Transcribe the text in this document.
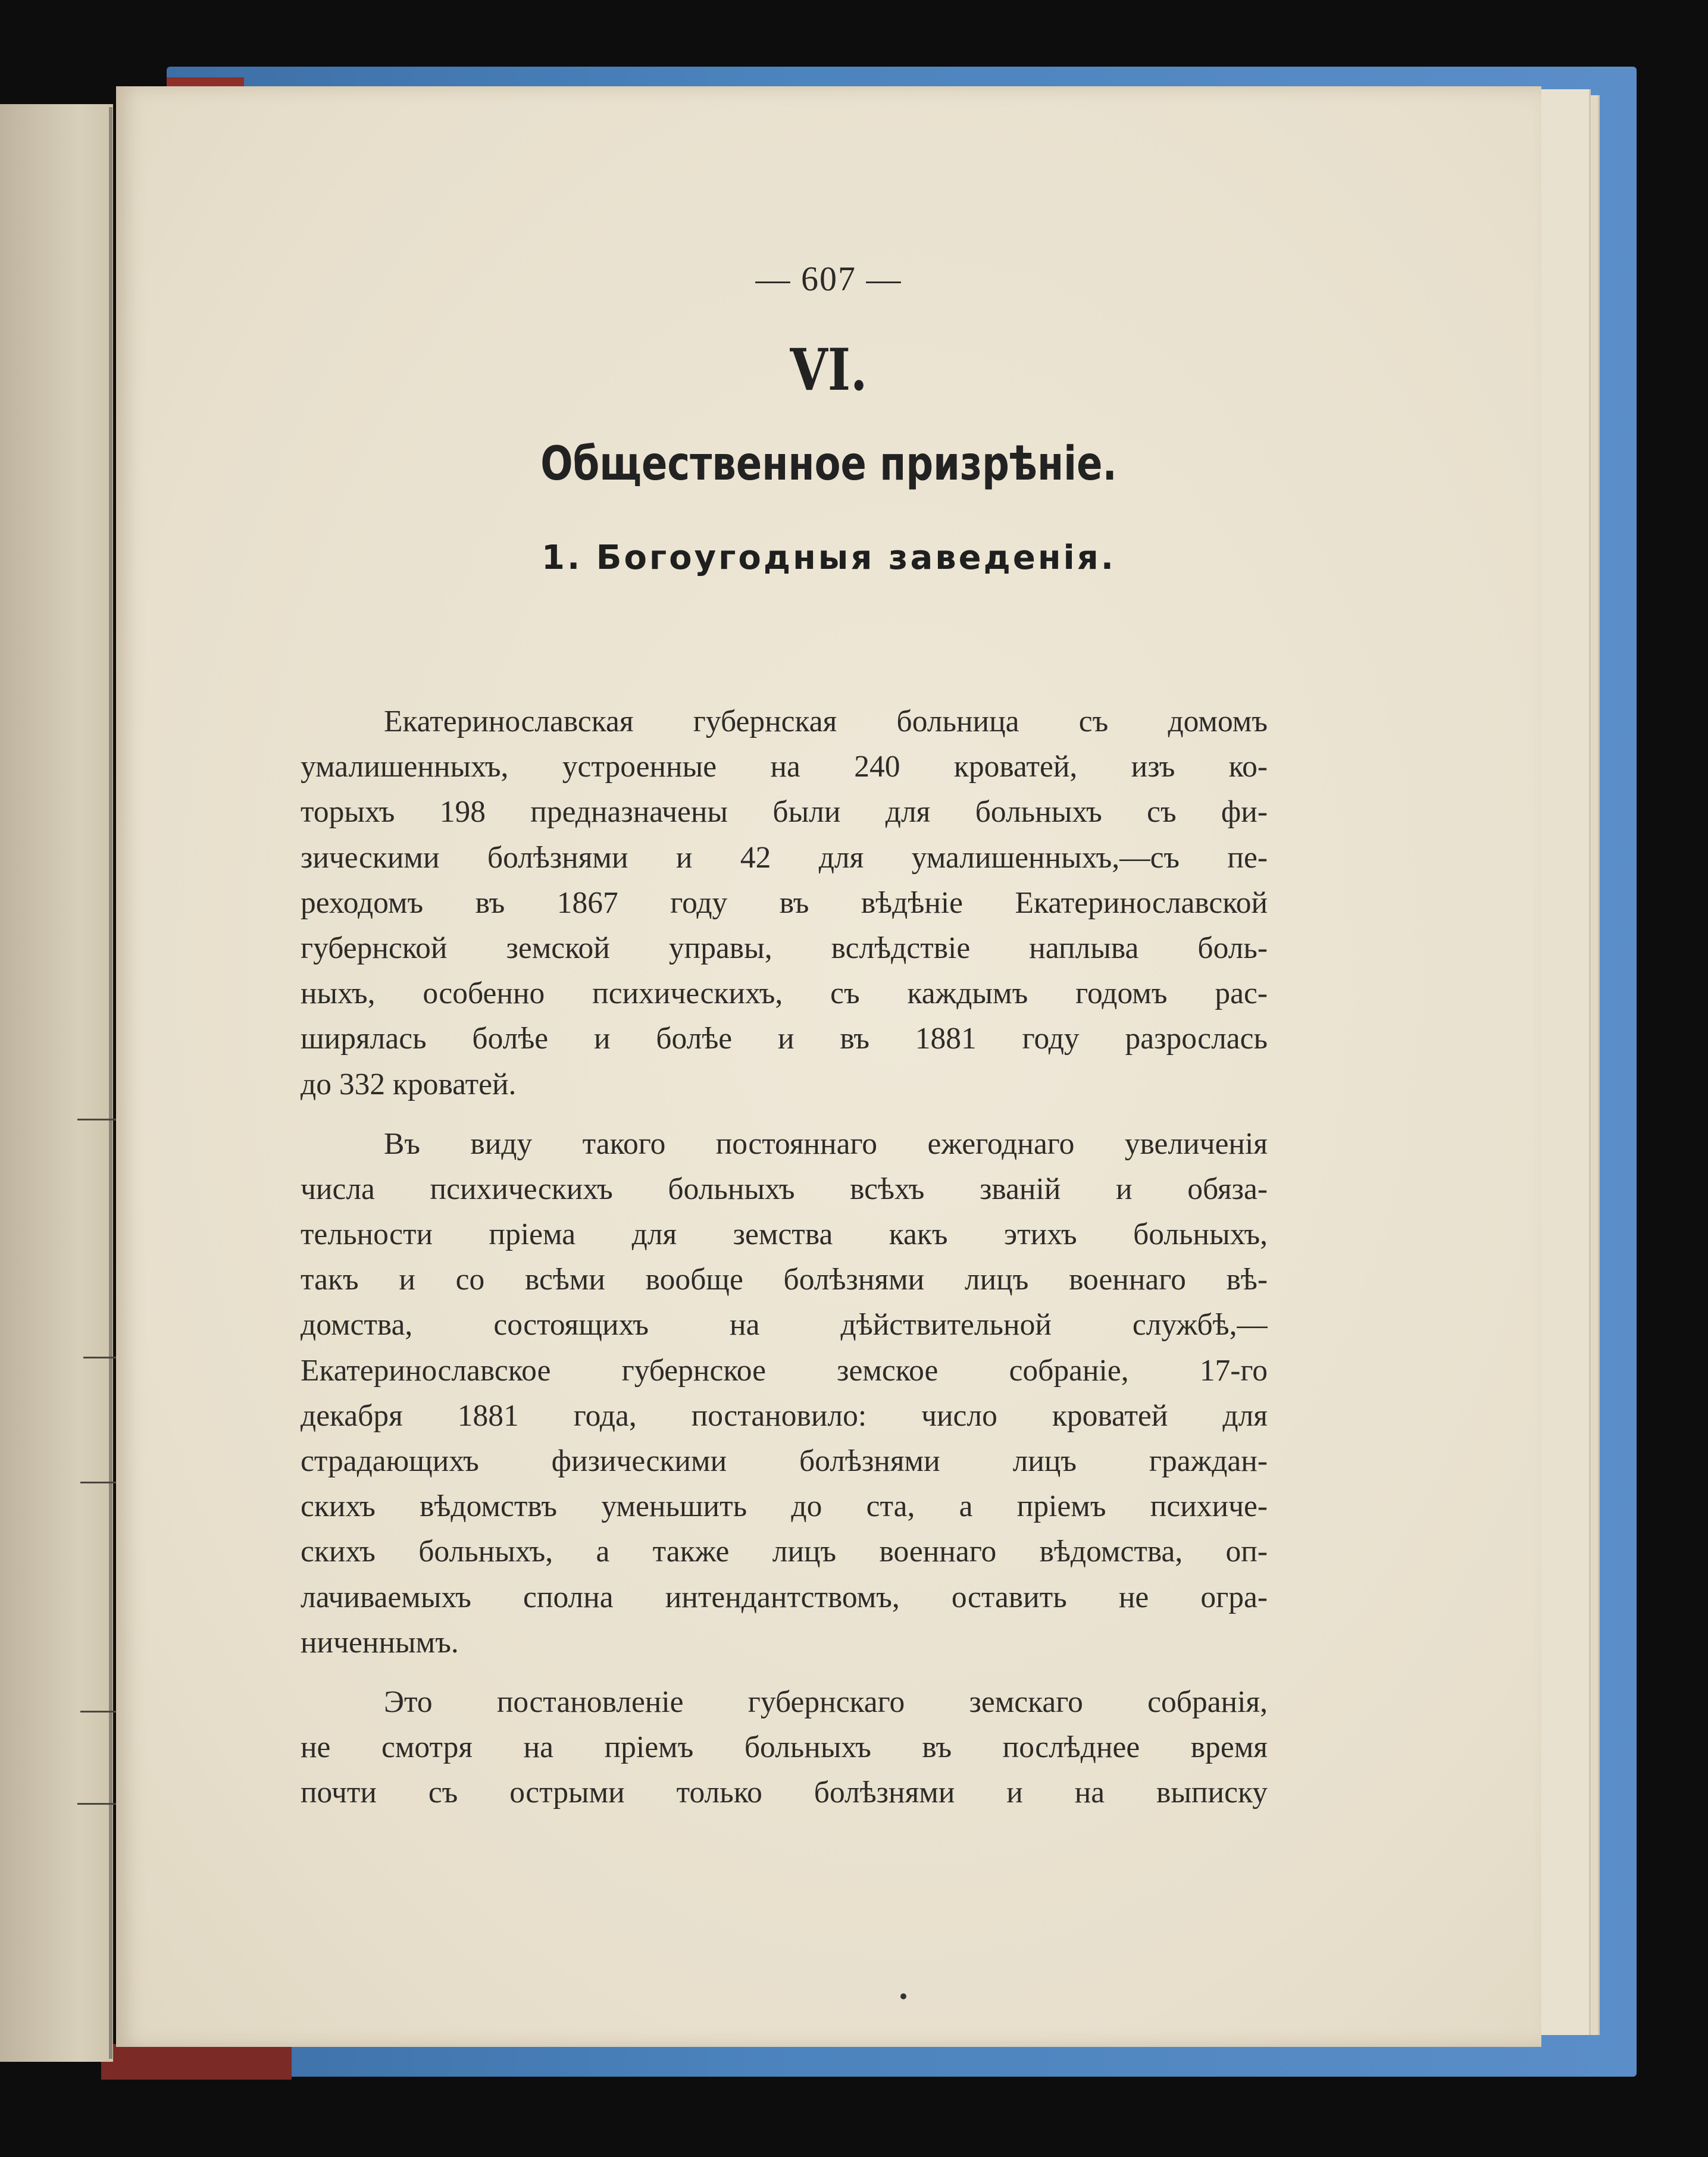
— 607 —
VI.
Общественное призрѣніе.
1. Богоугодныя заведенія.
Екатеринославская губернская больница съ домомъ
умалишенныхъ, устроенные на 240 кроватей, изъ ко-
торыхъ 198 предназначены были для больныхъ съ фи-
зическими болѣзнями и 42 для умалишенныхъ,—съ пе-
реходомъ въ 1867 году въ вѣдѣніе Екатеринославской
губернской земской управы, вслѣдствіе наплыва боль-
ныхъ, особенно психическихъ, съ каждымъ годомъ рас-
ширялась болѣе и болѣе и въ 1881 году разрослась
до 332 кроватей.
Въ виду такого постояннаго ежегоднаго увеличенія
числа психическихъ больныхъ всѣхъ званій и обяза-
тельности пріема для земства какъ этихъ больныхъ,
такъ и со всѣми вообще болѣзнями лицъ военнаго вѣ-
домства, состоящихъ на дѣйствительной службѣ,—
Екатеринославское губернское земское собраніе, 17-го
декабря 1881 года, постановило: число кроватей для
страдающихъ физическими болѣзнями лицъ граждан-
скихъ вѣдомствъ уменьшить до ста, а пріемъ психиче-
скихъ больныхъ, а также лицъ военнаго вѣдомства, оп-
лачиваемыхъ сполна интендантствомъ, оставить не огра-
ниченнымъ.
Это постановленіе губернскаго земскаго собранія,
не смотря на пріемъ больныхъ въ послѣднее время
почти съ острыми только болѣзнями и на выписку
